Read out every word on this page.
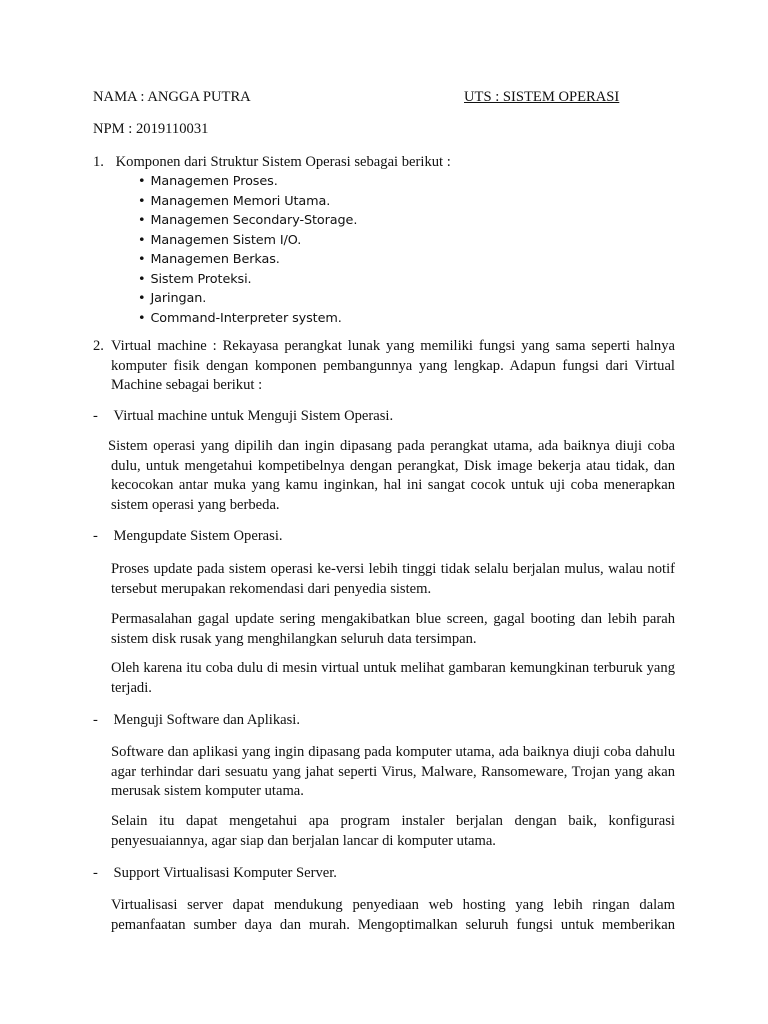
NAMA : ANGGA PUTRA	UTS : SISTEM OPERASI
NPM : 2019110031
1. Komponen dari Struktur Sistem Operasi sebagai berikut :
• Managemen Proses.
• Managemen Memori Utama.
• Managemen Secondary-Storage.
• Managemen Sistem I/O.
• Managemen Berkas.
• Sistem Proteksi.
• Jaringan.
• Command-Interpreter system.
2. Virtual machine : Rekayasa perangkat lunak yang memiliki fungsi yang sama seperti halnya komputer fisik dengan komponen pembangunnya yang lengkap. Adapun fungsi dari Virtual Machine sebagai berikut :

- Virtual machine untuk Menguji Sistem Operasi.

Sistem operasi yang dipilih dan ingin dipasang pada perangkat utama, ada baiknya diuji coba dulu, untuk mengetahui kompetibelnya dengan perangkat, Disk image bekerja atau tidak, dan kecocokan antar muka yang kamu inginkan, hal ini sangat cocok untuk uji coba menerapkan sistem operasi yang berbeda.

- Mengupdate Sistem Operasi.

Proses update pada sistem operasi ke-versi lebih tinggi tidak selalu berjalan mulus, walau notif tersebut merupakan rekomendasi dari penyedia sistem.

Permasalahan gagal update sering mengakibatkan blue screen, gagal booting dan lebih parah sistem disk rusak yang menghilangkan seluruh data tersimpan.

Oleh karena itu coba dulu di mesin virtual untuk melihat gambaran kemungkinan terburuk yang terjadi.

- Menguji Software dan Aplikasi.

Software dan aplikasi yang ingin dipasang pada komputer utama, ada baiknya diuji coba dahulu agar terhindar dari sesuatu yang jahat seperti Virus, Malware, Ransomeware, Trojan yang akan merusak sistem komputer utama.

Selain itu dapat mengetahui apa program instaler berjalan dengan baik, konfigurasi penyesuaiannya, agar siap dan berjalan lancar di komputer utama.

- Support Virtualisasi Komputer Server.

Virtualisasi server dapat mendukung penyediaan web hosting yang lebih ringan dalam pemanfaatan sumber daya dan murah. Mengoptimalkan seluruh fungsi untuk memberikan
